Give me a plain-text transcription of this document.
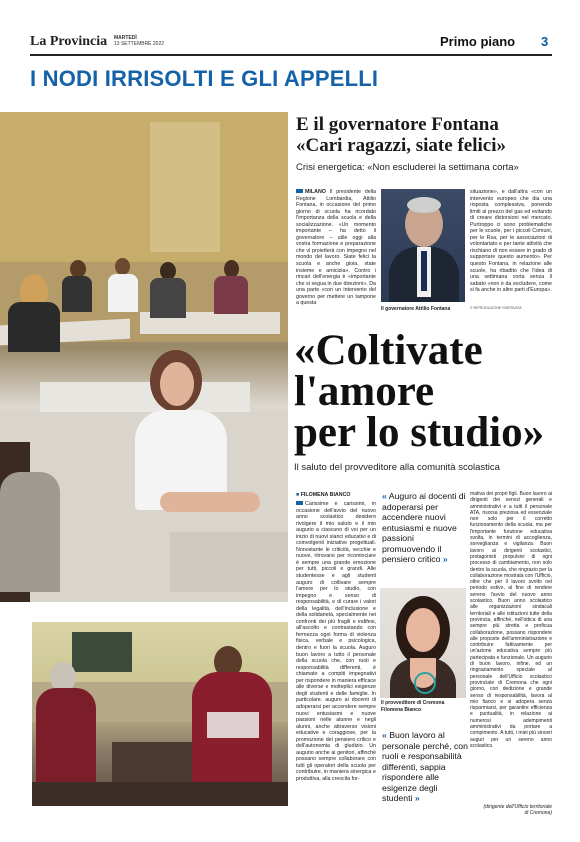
La Provincia MARTEDÌ
13 SETTEMBRE 2022	Primo piano 3
I NODI IRRISOLTI E GLI APPELLI
E il governatore Fontana
«Cari ragazzi, siate felici»
Crisi energetica: «Non escluderei la settimana corta»
MILANO Il presidente della Regione Lombardia, Attilio Fontana, in occasione del primo giorno di scuola ha ricordato l'importanza della scuola e della socializzazione. «Un momento importante – ha detto il governatore – utile oggi alla vostra formazione e preparazione che vi proietterà con impegno nel mondo del lavoro. Siate felici la scuola e anche gioia, state insieme e amicizia». Contro i rincari dell'energia è «importante che si segua in due direzioni». Da una parte «con un intervento del governo per mettere un tampone a questa
Il governatore Attilio Fontana
situazione», e dall'altra «con un intervento europeo che dia una risposta complessiva, ponendo limiti al prezzo del gas ed evitando di creare distorsioni nel mercato. Purtroppo ci sono problematiche per le scuole, per i piccoli Comuni, per le Rsa, per le associazioni di volontariato e per tante attività che rischiano di non essere in grado di supportare questo aumento». Per questo Fontana, in relazione alle scuole, ha ribadito che l'idea di una settimana corta senza il sabato «non è da escludere, come si fa anche in altre parti d'Europa».
© RIPRODUZIONE RISERVATA
«Coltivate
l'amore
per lo studio»
Il saluto del provveditore alla comunità scolastica
■ FILOMENA BIANCO
Carissime e carissimi, in occasione dell'avvio del nuovo anno scolastico desidero rivolgere il mio saluto e il mio augurio a ciascuno di voi per un inizio di nuovi slanci educativi e di coinvolgenti iniziative progettuali. Nonostante le criticità, vecchie e nuove, ritrovarsi per ricominciare è sempre una grande emozione per tutti, piccoli e grandi. Alle studentesse e agli studenti auguro di coltivare sempre l'amore per lo studio, con impegno e senso di responsabilità, e di curare i valori della legalità, dell'inclusione e della solidarietà, specialmente nei confronti dei più fragili e indifesi, all'ascolto e contrastando con fermezza ogni forma di violenza fisica, verbale e psicologica, dentro e fuori la scuola. Auguro buon lavoro a tutto il personale della scuola che, con ruoli e responsabilità differenti, è chiamato a compiti impegnativi per rispondere in maniera efficace alle diverse e molteplici esigenze degli studenti e delle famiglie. In particolare, auguro ai docenti di adoperarsi per accendere sempre nuovi entusiasmi e nuove passioni nelle alunne e negli alunni, anche attraverso visioni educative e coraggiose, per la promozione del pensiero critico e dell'autonomia di giudizio. Un augurio anche ai genitori, affinché possano sempre collaborare con tutti gli operatori della scuola per contribuire, in maniera sinergica e produttiva, alla crescita for-
« Auguro ai docenti di adoperarsi per accendere nuovi entusiasmi e nuove passioni promuovendo il pensiero critico »
Il provveditore di Cremona
Filomena Bianco
« Buon lavoro al personale perché, con ruoli e responsabilità differenti, sappia rispondere alle esigenze degli studenti »
mativa dei propri figli. Buon lavoro ai dirigenti dei servizi generali e amministrativi e a tutti il personale ATA, risorsa preziosa ed essenziale non solo per il corretto funzionamento della scuola, ma per l'importante funzione educativa svolta, in termini di accoglienza, sorveglianza e vigilanza. Buon lavoro ai dirigenti scolastici, protagonisti propulsivi di ogni processo di cambiamento, non solo dentro la scuola, che ringrazio per la collaborazione mostrata con l'Ufficio, oltre che per il lavoro svolto nel periodo estivo, al fine di rendere sereno l'avvio del nuovo anno scolastico. Buon anno scolastico alle organizzazioni sindacali territoriali e alle istituzioni tutte della provincia, affinché, nell'ottica di una sempre più stretta e proficua collaborazione, possano rispondere alle proposte dell'amministrazione e contribuire fattivamente per un'azione educativa sempre più partecipata e funzionale. Un augurio di buon lavoro, infine, ed un ringraziamento speciale al personale dell'Ufficio scolastico provinciale di Cremona che ogni giorno, con dedizione e grande senso di responsabilità, lavora al mio fianco e si adopera senza risparmiarsi, per garantire efficienza e puntualità, in relazione ai numerosi adempimenti amministrativi da portare a compimento. A tutti, i miei più sinceri auguri per un sereno anno scolastico.
(dirigente dell'Ufficio territoriale
di Cremona)
